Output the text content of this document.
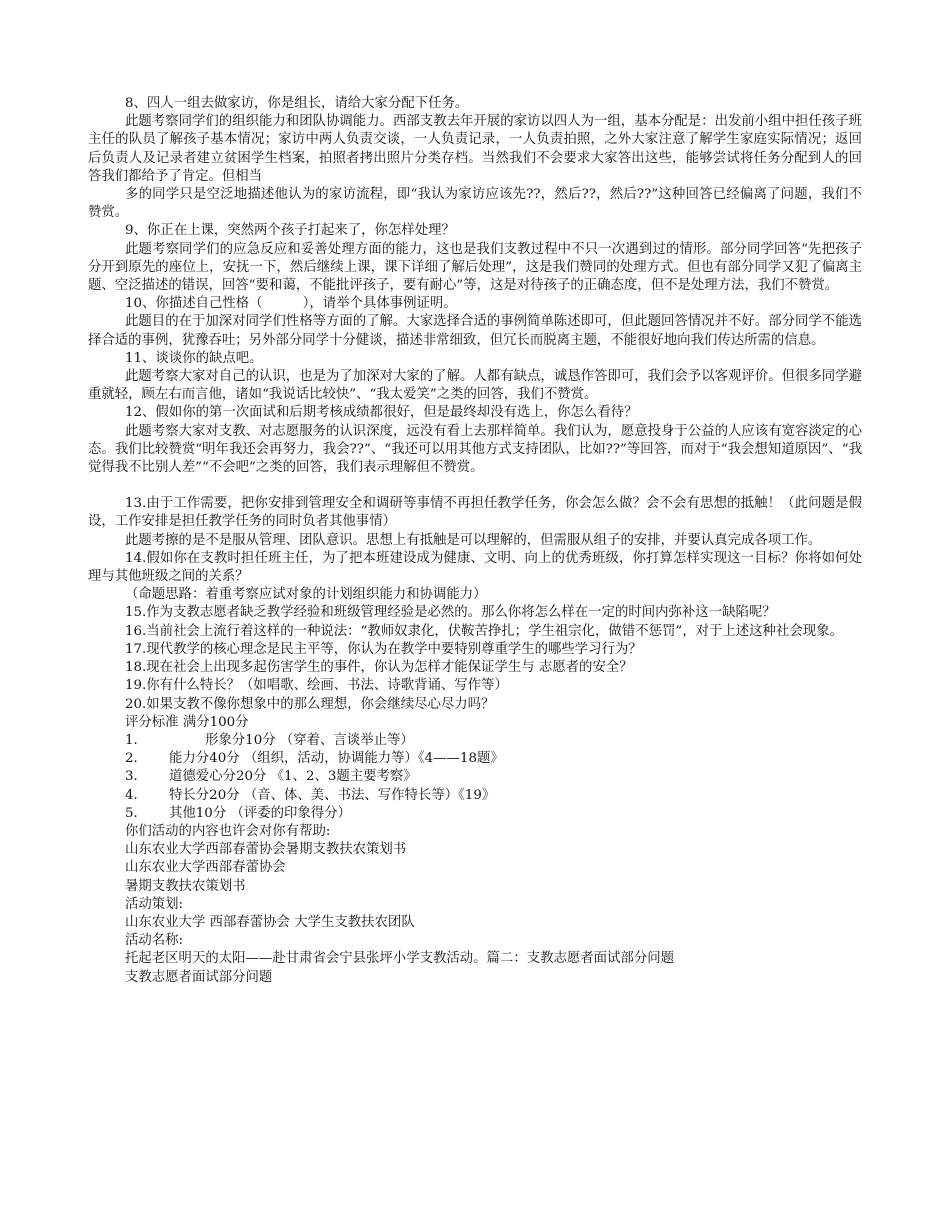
8、四人一组去做家访，你是组长，请给大家分配下任务。

此题考察同学们的组织能力和团队协调能力。西部支教去年开展的家访以四人为一组，基本分配是：出发前小组中担任孩子班主任的队员了解孩子基本情况；家访中两人负责交谈，一人负责记录，一人负责拍照，之外大家注意了解学生家庭实际情况；返回后负责人及记录者建立贫困学生档案，拍照者拷出照片分类存档。当然我们不会要求大家答出这些，能够尝试将任务分配到人的回答我们都给予了肯定。但相当

多的同学只是空泛地描述他认为的家访流程，即“我认为家访应该先??，然后??，然后??”这种回答已经偏离了问题，我们不赞赏。

9、你正在上课，突然两个孩子打起来了，你怎样处理？

此题考察同学们的应急反应和妥善处理方面的能力，这也是我们支教过程中不只一次遇到过的情形。部分同学回答“先把孩子分开到原先的座位上，安抚一下，然后继续上课，课下详细了解后处理”，这是我们赞同的处理方式。但也有部分同学又犯了偏离主题、空泛描述的错误，回答“要和蔼，不能批评孩子，要有耐心”等，这是对待孩子的正确态度，但不是处理方法，我们不赞赏。

10、你描述自己性格（　　　），请举个具体事例证明。

此题目的在于加深对同学们性格等方面的了解。大家选择合适的事例简单陈述即可，但此题回答情况并不好。部分同学不能选择合适的事例，犹豫吞吐；另外部分同学十分健谈，描述非常细致，但冗长而脱离主题，不能很好地向我们传达所需的信息。

11、谈谈你的缺点吧。

此题考察大家对自己的认识，也是为了加深对大家的了解。人都有缺点，诚恳作答即可，我们会予以客观评价。但很多同学避重就轻，顾左右而言他，诸如“我说话比较快”、“我太爱笑”之类的回答，我们不赞赏。

12、假如你的第一次面试和后期考核成绩都很好，但是最终却没有选上，你怎么看待？

此题考察大家对支教、对志愿服务的认识深度，远没有看上去那样简单。我们认为，愿意投身于公益的人应该有宽容淡定的心态。我们比较赞赏“明年我还会再努力，我会??”、“我还可以用其他方式支持团队，比如??”等回答，而对于“我会想知道原因”、“我觉得我不比别人差”“不会吧”之类的回答，我们表示理解但不赞赏。

13.由于工作需要，把你安排到管理安全和调研等事情不再担任教学任务，你会怎么做？会不会有思想的抵触！（此问题是假设，工作安排是担任教学任务的同时负者其他事情）

此题考擦的是不是服从管理、团队意识。思想上有抵触是可以理解的，但需服从组子的安排，并要认真完成各项工作。

14.假如你在支教时担任班主任，为了把本班建设成为健康、文明、向上的优秀班级，你打算怎样实现这一目标？你将如何处理与其他班级之间的关系？

（命题思路：着重考察应试对象的计划组织能力和协调能力）

15.作为支教志愿者缺乏教学经验和班级管理经验是必然的。那么你将怎么样在一定的时间内弥补这一缺陷呢？

16.当前社会上流行着这样的一种说法：“教师奴隶化，伏鞍苦挣扎；学生祖宗化，做错不惩罚”，对于上述这种社会现象。

17.现代教学的核心理念是民主平等，你认为在教学中要特别尊重学生的哪些学习行为？

18.现在社会上出现多起伤害学生的事件，你认为怎样才能保证学生与 志愿者的安全？

19.你有什么特长？（如唱歌、绘画、书法、诗歌背诵、写作等）

20.如果支教不像你想象中的那么理想，你会继续尽心尽力吗？

评分标准 满分100分

1．	形象分10分 （穿着、言谈举止等）

2． 能力分40分 （组织，活动，协调能力等）《4——18题》

3． 道德爱心分20分 《1、2、3题主要考察》

4． 特长分20分 （音、体、美、书法、写作特长等）《19》

5． 其他10分 （评委的印象得分）

你们活动的内容也许会对你有帮助:

山东农业大学西部春蕾协会暑期支教扶农策划书

山东农业大学西部春蕾协会

暑期支教扶农策划书

活动策划:

山东农业大学 西部春蕾协会 大学生支教扶农团队

活动名称:

托起老区明天的太阳——赴甘肃省会宁县张坪小学支教活动。篇二：支教志愿者面试部分问题

支教志愿者面试部分问题
